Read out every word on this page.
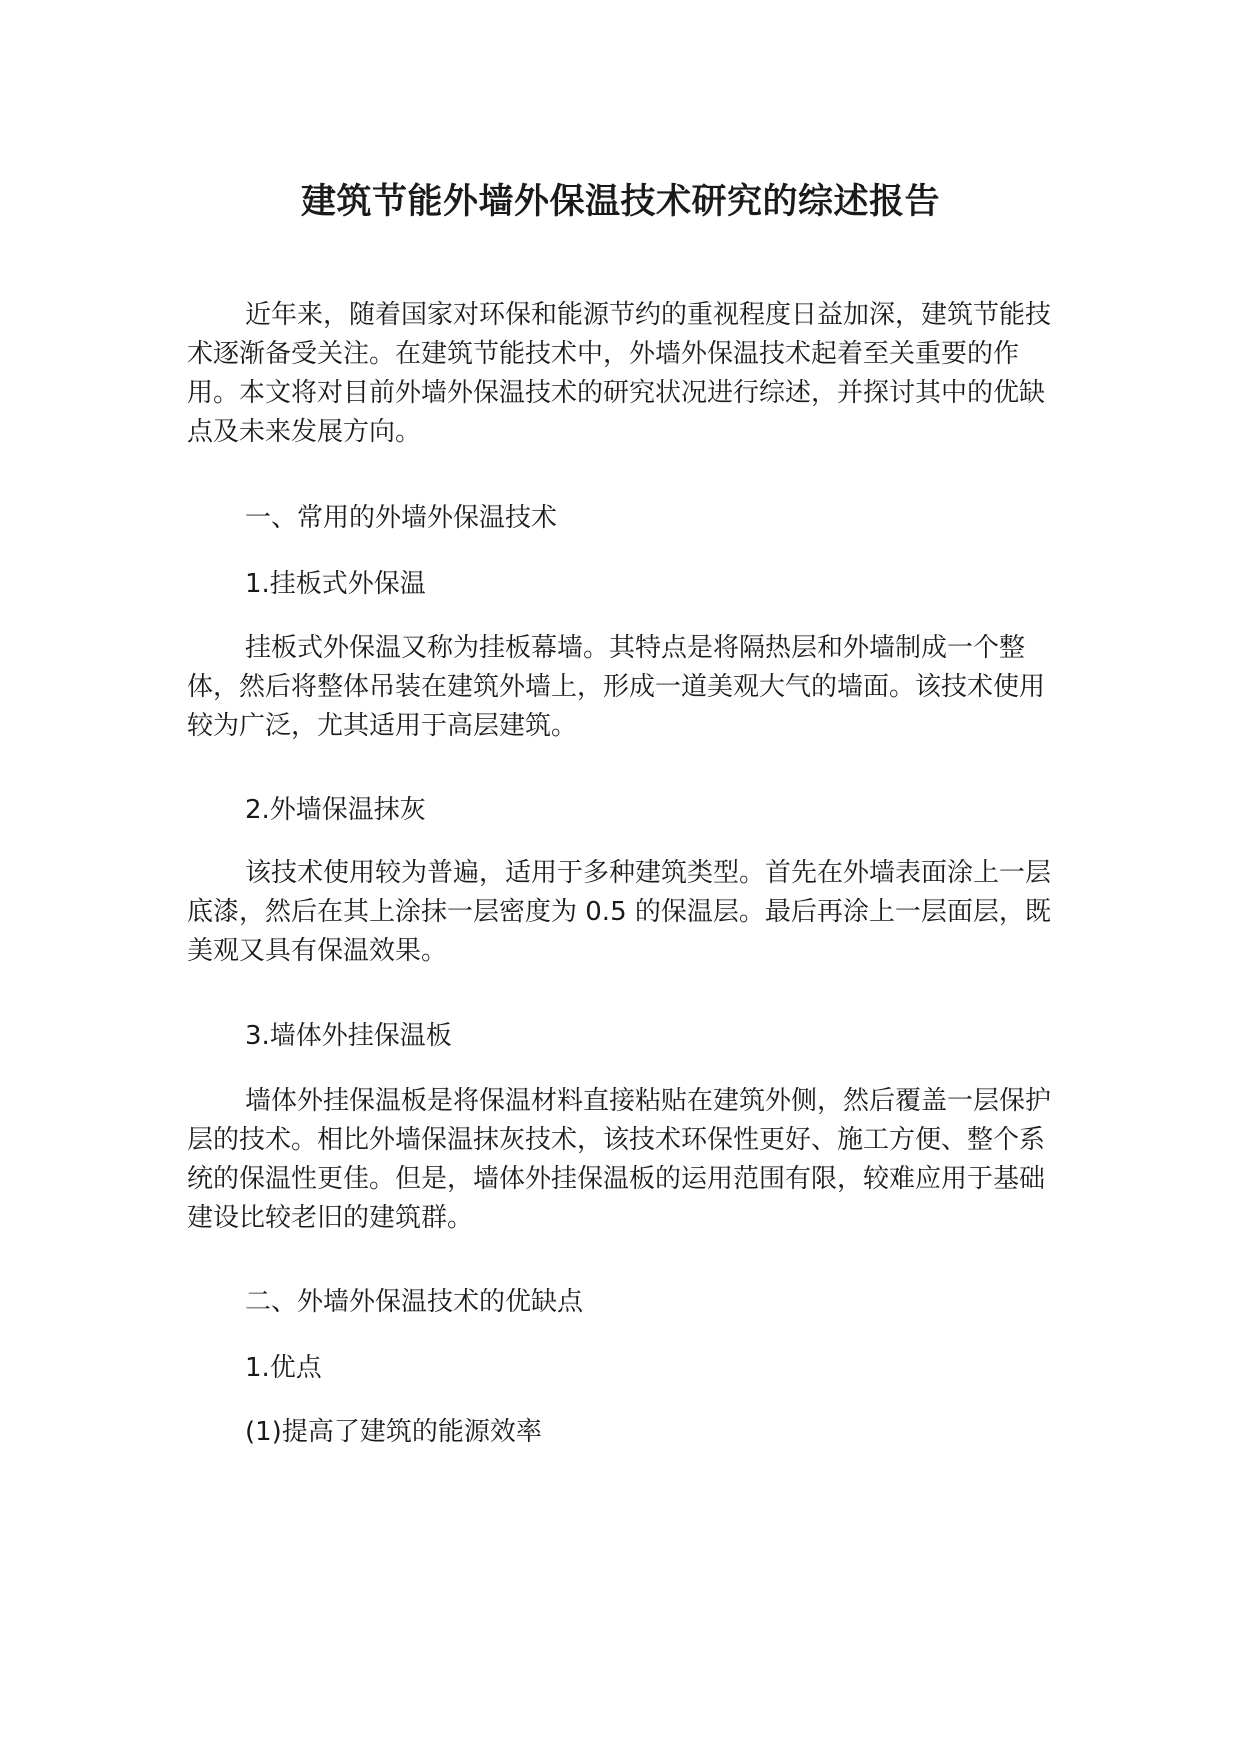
建筑节能外墙外保温技术研究的综述报告

近年来，随着国家对环保和能源节约的重视程度日益加深，建筑节能技术逐渐备受关注。在建筑节能技术中，外墙外保温技术起着至关重要的作用。本文将对目前外墙外保温技术的研究状况进行综述，并探讨其中的优缺点及未来发展方向。

一、常用的外墙外保温技术

1.挂板式外保温

挂板式外保温又称为挂板幕墙。其特点是将隔热层和外墙制成一个整体，然后将整体吊装在建筑外墙上，形成一道美观大气的墙面。该技术使用较为广泛，尤其适用于高层建筑。

2.外墙保温抹灰

该技术使用较为普遍，适用于多种建筑类型。首先在外墙表面涂上一层底漆，然后在其上涂抹一层密度为 0.5 的保温层。最后再涂上一层面层，既美观又具有保温效果。

3.墙体外挂保温板

墙体外挂保温板是将保温材料直接粘贴在建筑外侧，然后覆盖一层保护层的技术。相比外墙保温抹灰技术，该技术环保性更好、施工方便、整个系统的保温性更佳。但是，墙体外挂保温板的运用范围有限，较难应用于基础建设比较老旧的建筑群。

二、外墙外保温技术的优缺点

1.优点

(1)提高了建筑的能源效率
